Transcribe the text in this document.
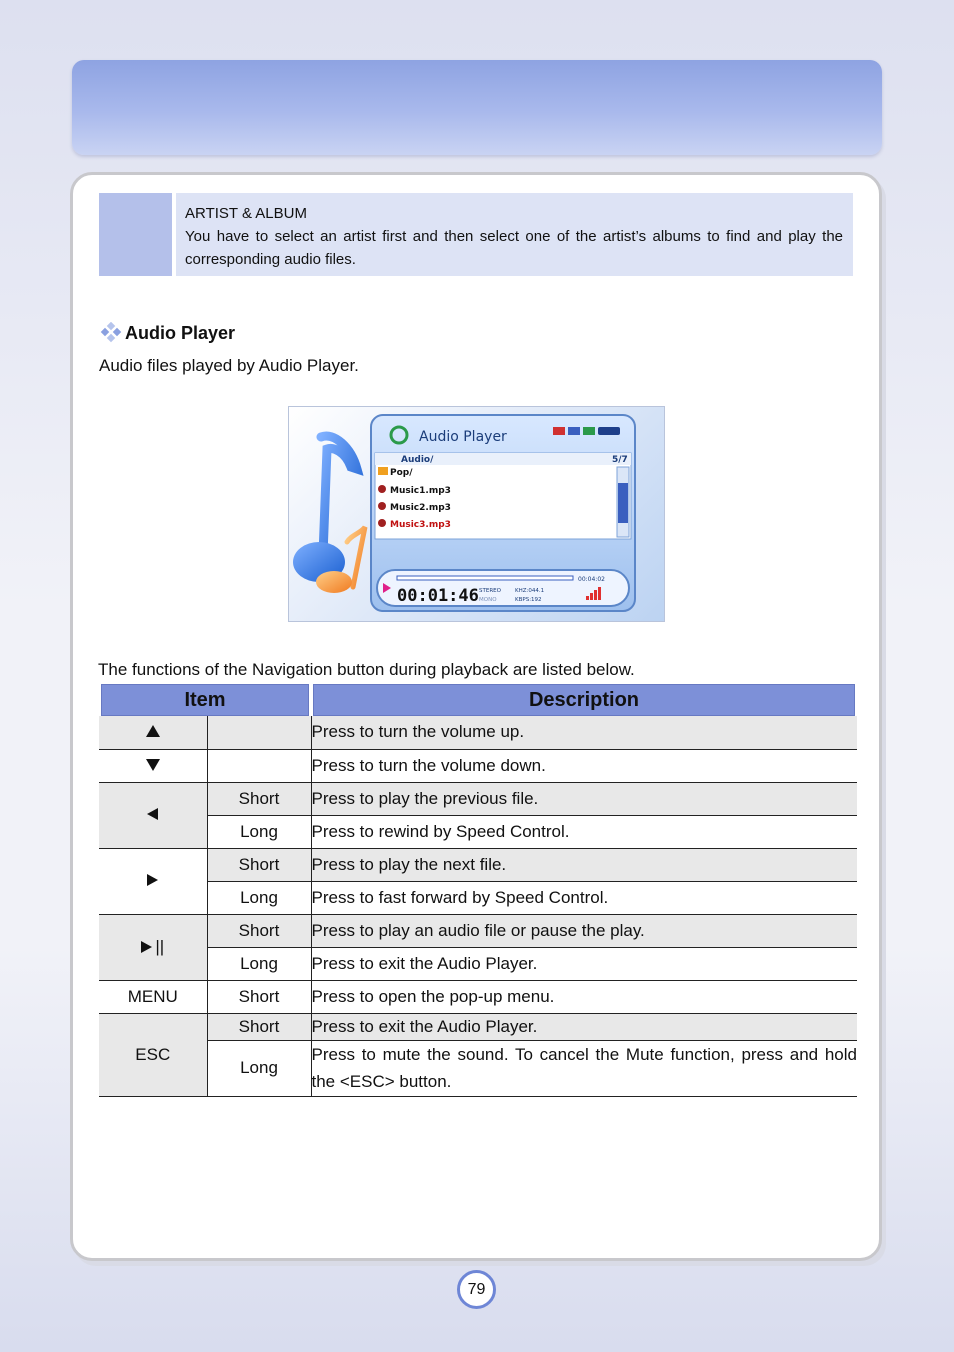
ARTIST & ALBUM
You have to select an artist first and then select one of the artist’s albums to find and play the corresponding audio files.
Audio Player
Audio files played by Audio Player.
Audio Player
Audio/	5/7
Pop/
Music1.mp3
Music2.mp3
Music3.mp3
00:04:02
00:01:46 STEREO
MONO
KHZ:044.1
KBPS:192
The functions of the Navigation button during playback are listed below.
Item		Description
		Press to turn the volume up.
		Press to turn the volume down.
	Short	Press to play the previous file.
	Long	Press to rewind by Speed Control.
	Short	Press to play the next file.
	Long	Press to fast forward by Speed Control.

||	Short	Press to play an audio file or pause the play.
	Long	Press to exit the Audio Player.
MENU	Short	Press to open the pop-up menu.
ESC	Short	Press to exit the Audio Player.
	Long	Press to mute the sound. To cancel the Mute function, press and hold the <ESC> button.
79
